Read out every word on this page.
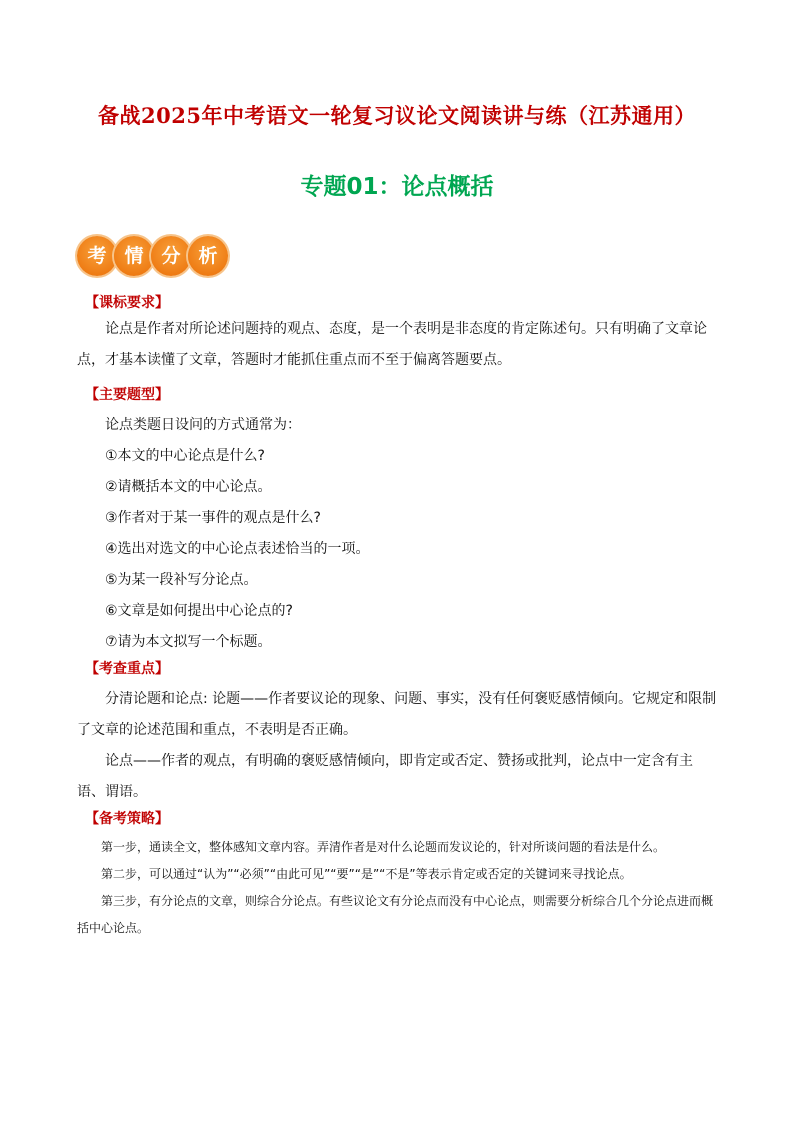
备战2025年中考语文一轮复习议论文阅读讲与练（江苏通用）
专题01：论点概括
考 情 分 析
【课标要求】

论点是作者对所论述问题持的观点、态度，是一个表明是非态度的肯定陈述句。只有明确了文章论点，才基本读懂了文章，答题时才能抓住重点而不至于偏离答题要点。

【主要题型】

论点类题日设问的方式通常为：

①本文的中心论点是什么?

②请概括本文的中心论点。

③作者对于某一事件的观点是什么?

④选出对选文的中心论点表述恰当的一项。

⑤为某一段补写分论点。

⑥文章是如何提出中心论点的?

⑦请为本文拟写一个标题。

【考查重点】

分清论题和论点: 论题——作者要议论的现象、问题、事实，没有任何褒贬感情倾向。它规定和限制了文章的论述范围和重点，不表明是否正确。

论点——作者的观点，有明确的褒贬感情倾向，即肯定或否定、赞扬或批判，论点中一定含有主语、谓语。

【备考策略】

第一步，通读全文，整体感知文章内容。弄清作者是对什么论题而发议论的，针对所谈问题的看法是什么。

第二步，可以通过“认为”“必须”“由此可见”“要”“是”“不是”等表示肯定或否定的关键词来寻找论点。

第三步，有分论点的文章，则综合分论点。有些议论文有分论点而没有中心论点，则需要分析综合几个分论点进而概括中心论点。
